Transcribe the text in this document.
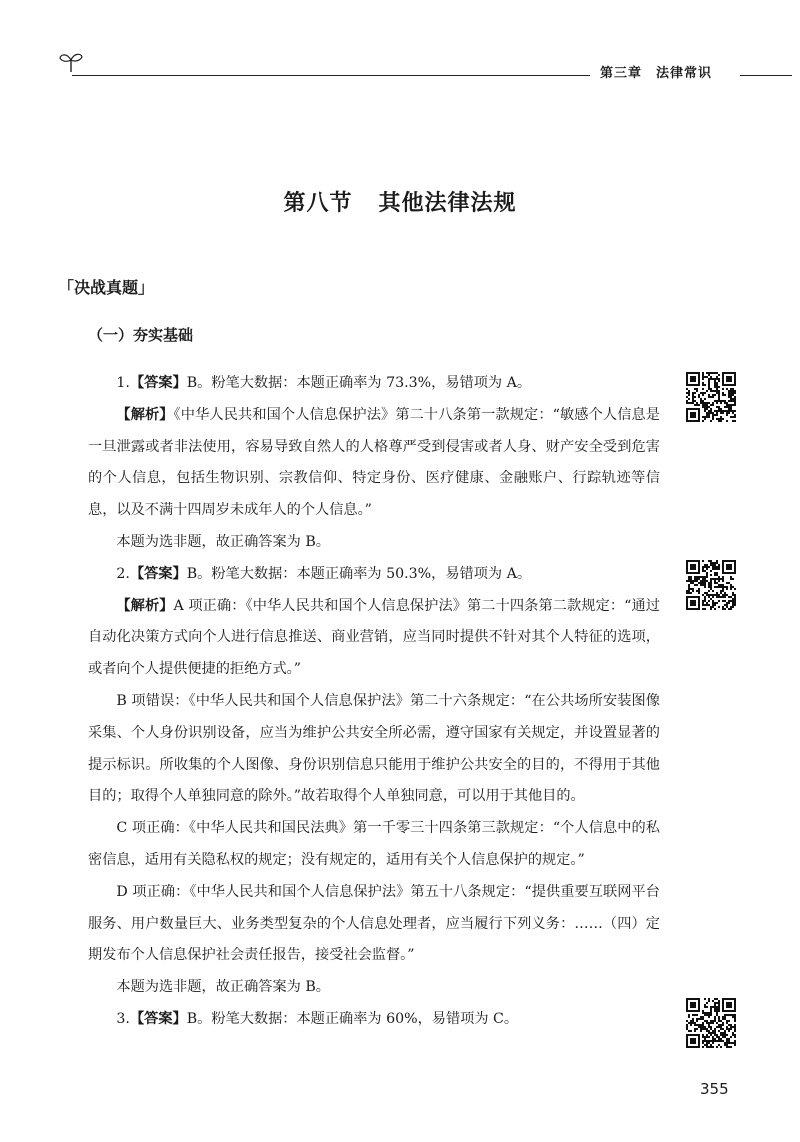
第三章 法律常识
第八节 其他法律法规
「决战真题」
（一）夯实基础

1.【答案】B。粉笔大数据：本题正确率为 73.3%，易错项为 A。

【解析】《中华人民共和国个人信息保护法》第二十八条第一款规定：“敏感个人信息是一旦泄露或者非法使用，容易导致自然人的人格尊严受到侵害或者人身、财产安全受到危害的个人信息，包括生物识别、宗教信仰、特定身份、医疗健康、金融账户、行踪轨迹等信息，以及不满十四周岁未成年人的个人信息。”

本题为选非题，故正确答案为 B。

2.【答案】B。粉笔大数据：本题正确率为 50.3%，易错项为 A。

【解析】A 项正确：《中华人民共和国个人信息保护法》第二十四条第二款规定：“通过自动化决策方式向个人进行信息推送、商业营销，应当同时提供不针对其个人特征的选项，或者向个人提供便捷的拒绝方式。”

B 项错误：《中华人民共和国个人信息保护法》第二十六条规定：“在公共场所安装图像采集、个人身份识别设备，应当为维护公共安全所必需，遵守国家有关规定，并设置显著的提示标识。所收集的个人图像、身份识别信息只能用于维护公共安全的目的，不得用于其他目的；取得个人单独同意的除外。”故若取得个人单独同意，可以用于其他目的。

C 项正确：《中华人民共和国民法典》第一千零三十四条第三款规定：“个人信息中的私密信息，适用有关隐私权的规定；没有规定的，适用有关个人信息保护的规定。”

D 项正确：《中华人民共和国个人信息保护法》第五十八条规定：“提供重要互联网平台服务、用户数量巨大、业务类型复杂的个人信息处理者，应当履行下列义务：……（四）定期发布个人信息保护社会责任报告，接受社会监督。”

本题为选非题，故正确答案为 B。

3.【答案】B。粉笔大数据：本题正确率为 60%，易错项为 C。

355
